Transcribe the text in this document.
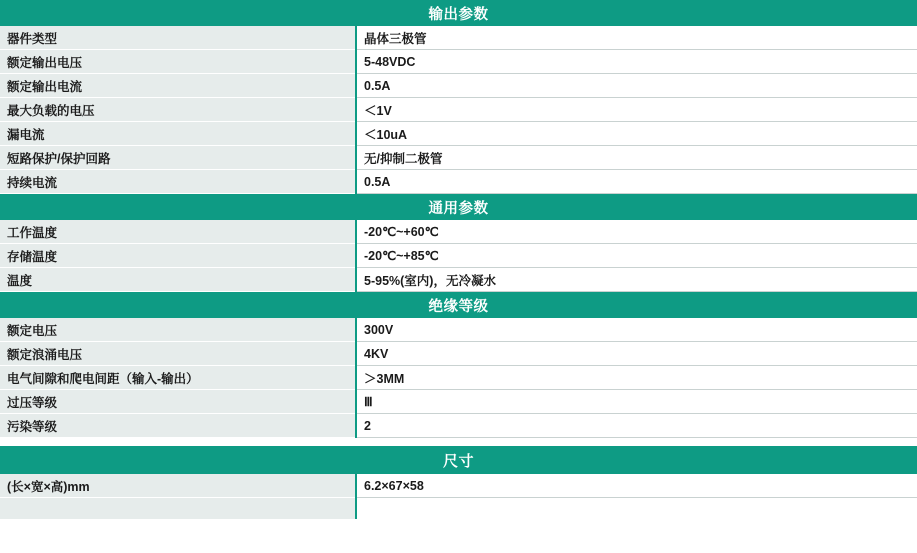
输出参数	
器件类型	晶体三极管
额定输出电压	5-48VDC
额定输出电流	0.5A
最大负载的电压	＜1V
漏电流	＜10uA
短路保护/保护回路	无/抑制二极管
持续电流	0.5A
通用参数	
工作温度	-20℃~+60℃
存储温度	-20℃~+85℃
温度	5-95%(室内)，无冷凝水
绝缘等级	
额定电压	300V
额定浪涌电压	4KV
电气间隙和爬电间距（输入-输出）	＞3MM
过压等级	Ⅲ
污染等级	2

尺寸	
(长×宽×高)mm	6.2×67×58
